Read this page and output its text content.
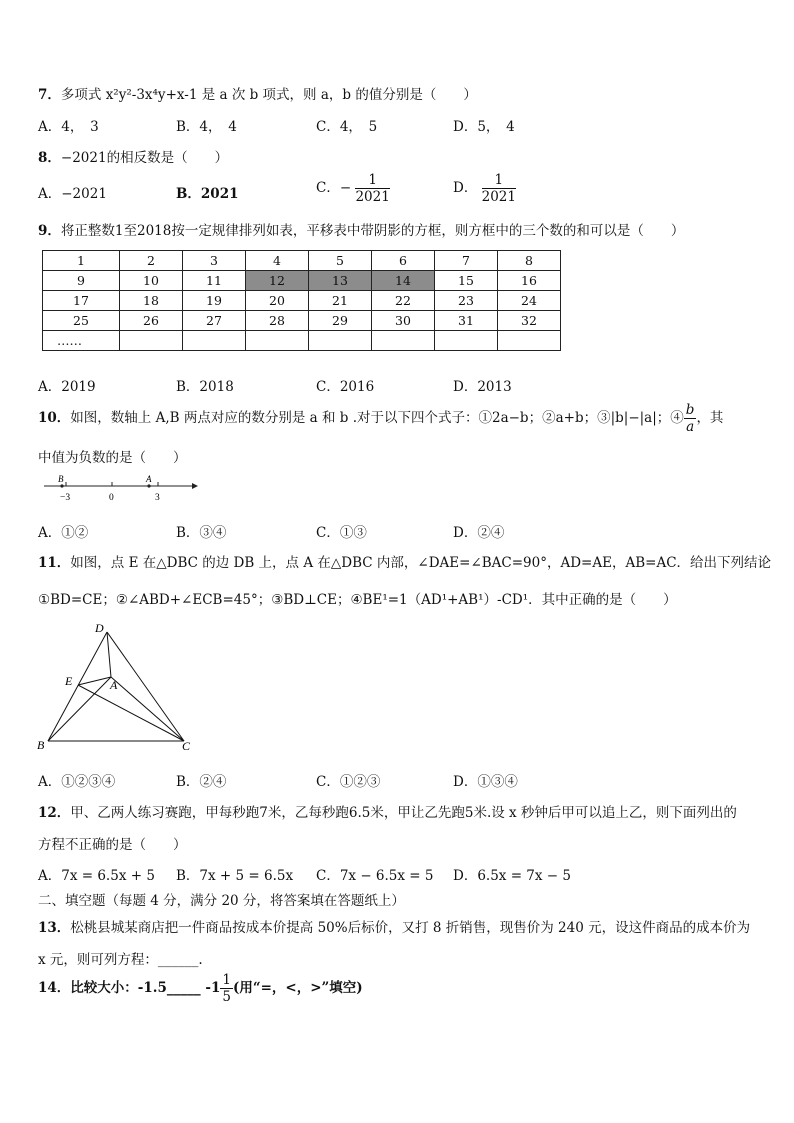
7．多项式 x²y²-3x⁴y+x-1 是 a 次 b 项式，则 a，b 的值分别是（　　）
A．4，　3	B．4，　4	C．4，　5	D．5，　4
8．−2021的相反数是（　　）
A．−2021	B．2021	C．− $\frac{1}{2021}$	D． $\frac{1}{2021}$
9．将正整数1至2018按一定规律排列如表，平移表中带阴影的方框，则方框中的三个数的和可以是（　　）
1	2	3	4	5	6	7	8
9	10	11	12	13	14	15	16
17	18	19	20	21	22	23	24
25	26	27	28	29	30	31	32
……							
A．2019	B．2018	C．2016	D．2013
10．如图，数轴上 A,B 两点对应的数分别是 a 和 b .对于以下四个式子：①2a−b；②a+b；③|b|−|a|；④ $\frac{b}{a}$ ，其
中值为负数的是（　　）
B	A
−3	0	3
A．①②	B．③④	C．①③	D．②④
11．如图，点 E 在△DBC 的边 DB 上，点 A 在△DBC 内部，∠DAE=∠BAC=90°，AD=AE，AB=AC．给出下列结论
①BD=CE；②∠ABD+∠ECB=45°；③BD⊥CE；④BE¹=1（AD¹+AB¹）-CD¹．其中正确的是（　　）
D
E	A
B	C
A．①②③④	B．②④	C．①②③	D．①③④
12．甲、乙两人练习赛跑，甲每秒跑7米，乙每秒跑6.5米，甲让乙先跑5米.设 x 秒钟后甲可以追上乙，则下面列出的
方程不正确的是（　　）
A．7x = 6.5x + 5 B．7x + 5 = 6.5x C．7x − 6.5x = 5 D．6.5x = 7x − 5
二、填空题（每题 4 分，满分 20 分，将答案填在答题纸上）
13．松桃县城某商店把一件商品按成本价提高 50%后标价，又打 8 折销售，现售价为 240 元，设这件商品的成本价为
x 元，则可列方程：______.
14．比较大小：-1.5_____ $-1 \frac{1}{5}$ (用“=，<，>”填空)
